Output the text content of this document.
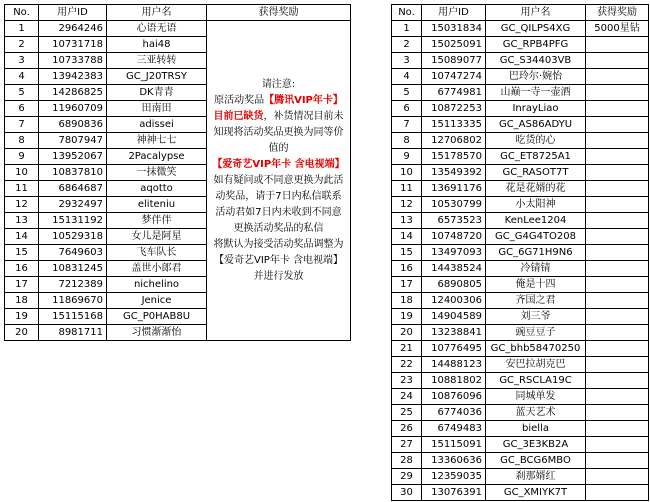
No.	用户ID	用户名	获得奖励
1	2964246	心语无语	请注意:
原活动奖品【腾讯VIP年卡】目前已缺货，补货情况目前未知现将活动奖品更换为同等价值的
【爱奇艺VIP年卡 含电视端】
如有疑问或不同意更换为此活动奖品，请于7日内私信联系活动君如7日内未收到不同意更换活动奖品的私信
将默认为接受活动奖品调整为【爱奇艺VIP年卡 含电视端】并进行发放
2	10731718	hai48	
3	10733788	三亚转转	
4	13942383	GC_J20TRSY	
5	14286825	DK青青	
6	11960709	田南田	
7	6890836	adissei	
8	7807947	神神七七	
9	13952067	2Pacalypse	
10	10837810	一抹微笑	
11	6864687	aqotto	
12	2932497	eliteniu	
13	15131192	梦伴伴	
14	10529318	女儿是阿星	
15	7649603	飞车队长	
16	10831245	盖世小郎君	
17	7212389	nichelino	
18	11869670	Jenice	
19	15115168	GC_P0HAB8U	
20	8981711	习惯渐渐怡	
No.	用户ID	用户名	获得奖励
1	15031834	GC_QILPS4XG	5000星钻
2	15025091	GC_RPB4PFG	
3	15089077	GC_S34403VB	
4	10747274	巴玲尔·婉怡	
5	6774981	山巅一寺一壶酒	
6	10872253	InrayLiao	
7	15113335	GC_AS86ADYU	
8	12706802	吃货的心	
9	15178570	GC_ET8725A1	
10	13549392	GC_RASOT7T	
11	13691176	花是花婿的花	
12	10530799	小太阳神	
13	6573523	KenLee1204	
14	10748720	GC_G4G4TO208	
15	13497093	GC_6G71H9N6	
16	14438524	冷锖锖	
17	6890805	俺是十四	
18	12400306	齐国之君	
19	14904589	刘三爷	
20	13238841	豌豆豆子	
21	10776495	GC_bhb58470250	
22	14488123	安巴拉胡克巴	
23	10881802	GC_RSCLA19C	
24	10876096	同城单发	
25	6774036	蓝天艺术	
26	6749483	biella	
27	15115091	GC_3E3KB2A	
28	13360636	GC_BCG6MBO	
29	12359035	刹那婿红	
30	13076391	GC_XMIYK7T	
